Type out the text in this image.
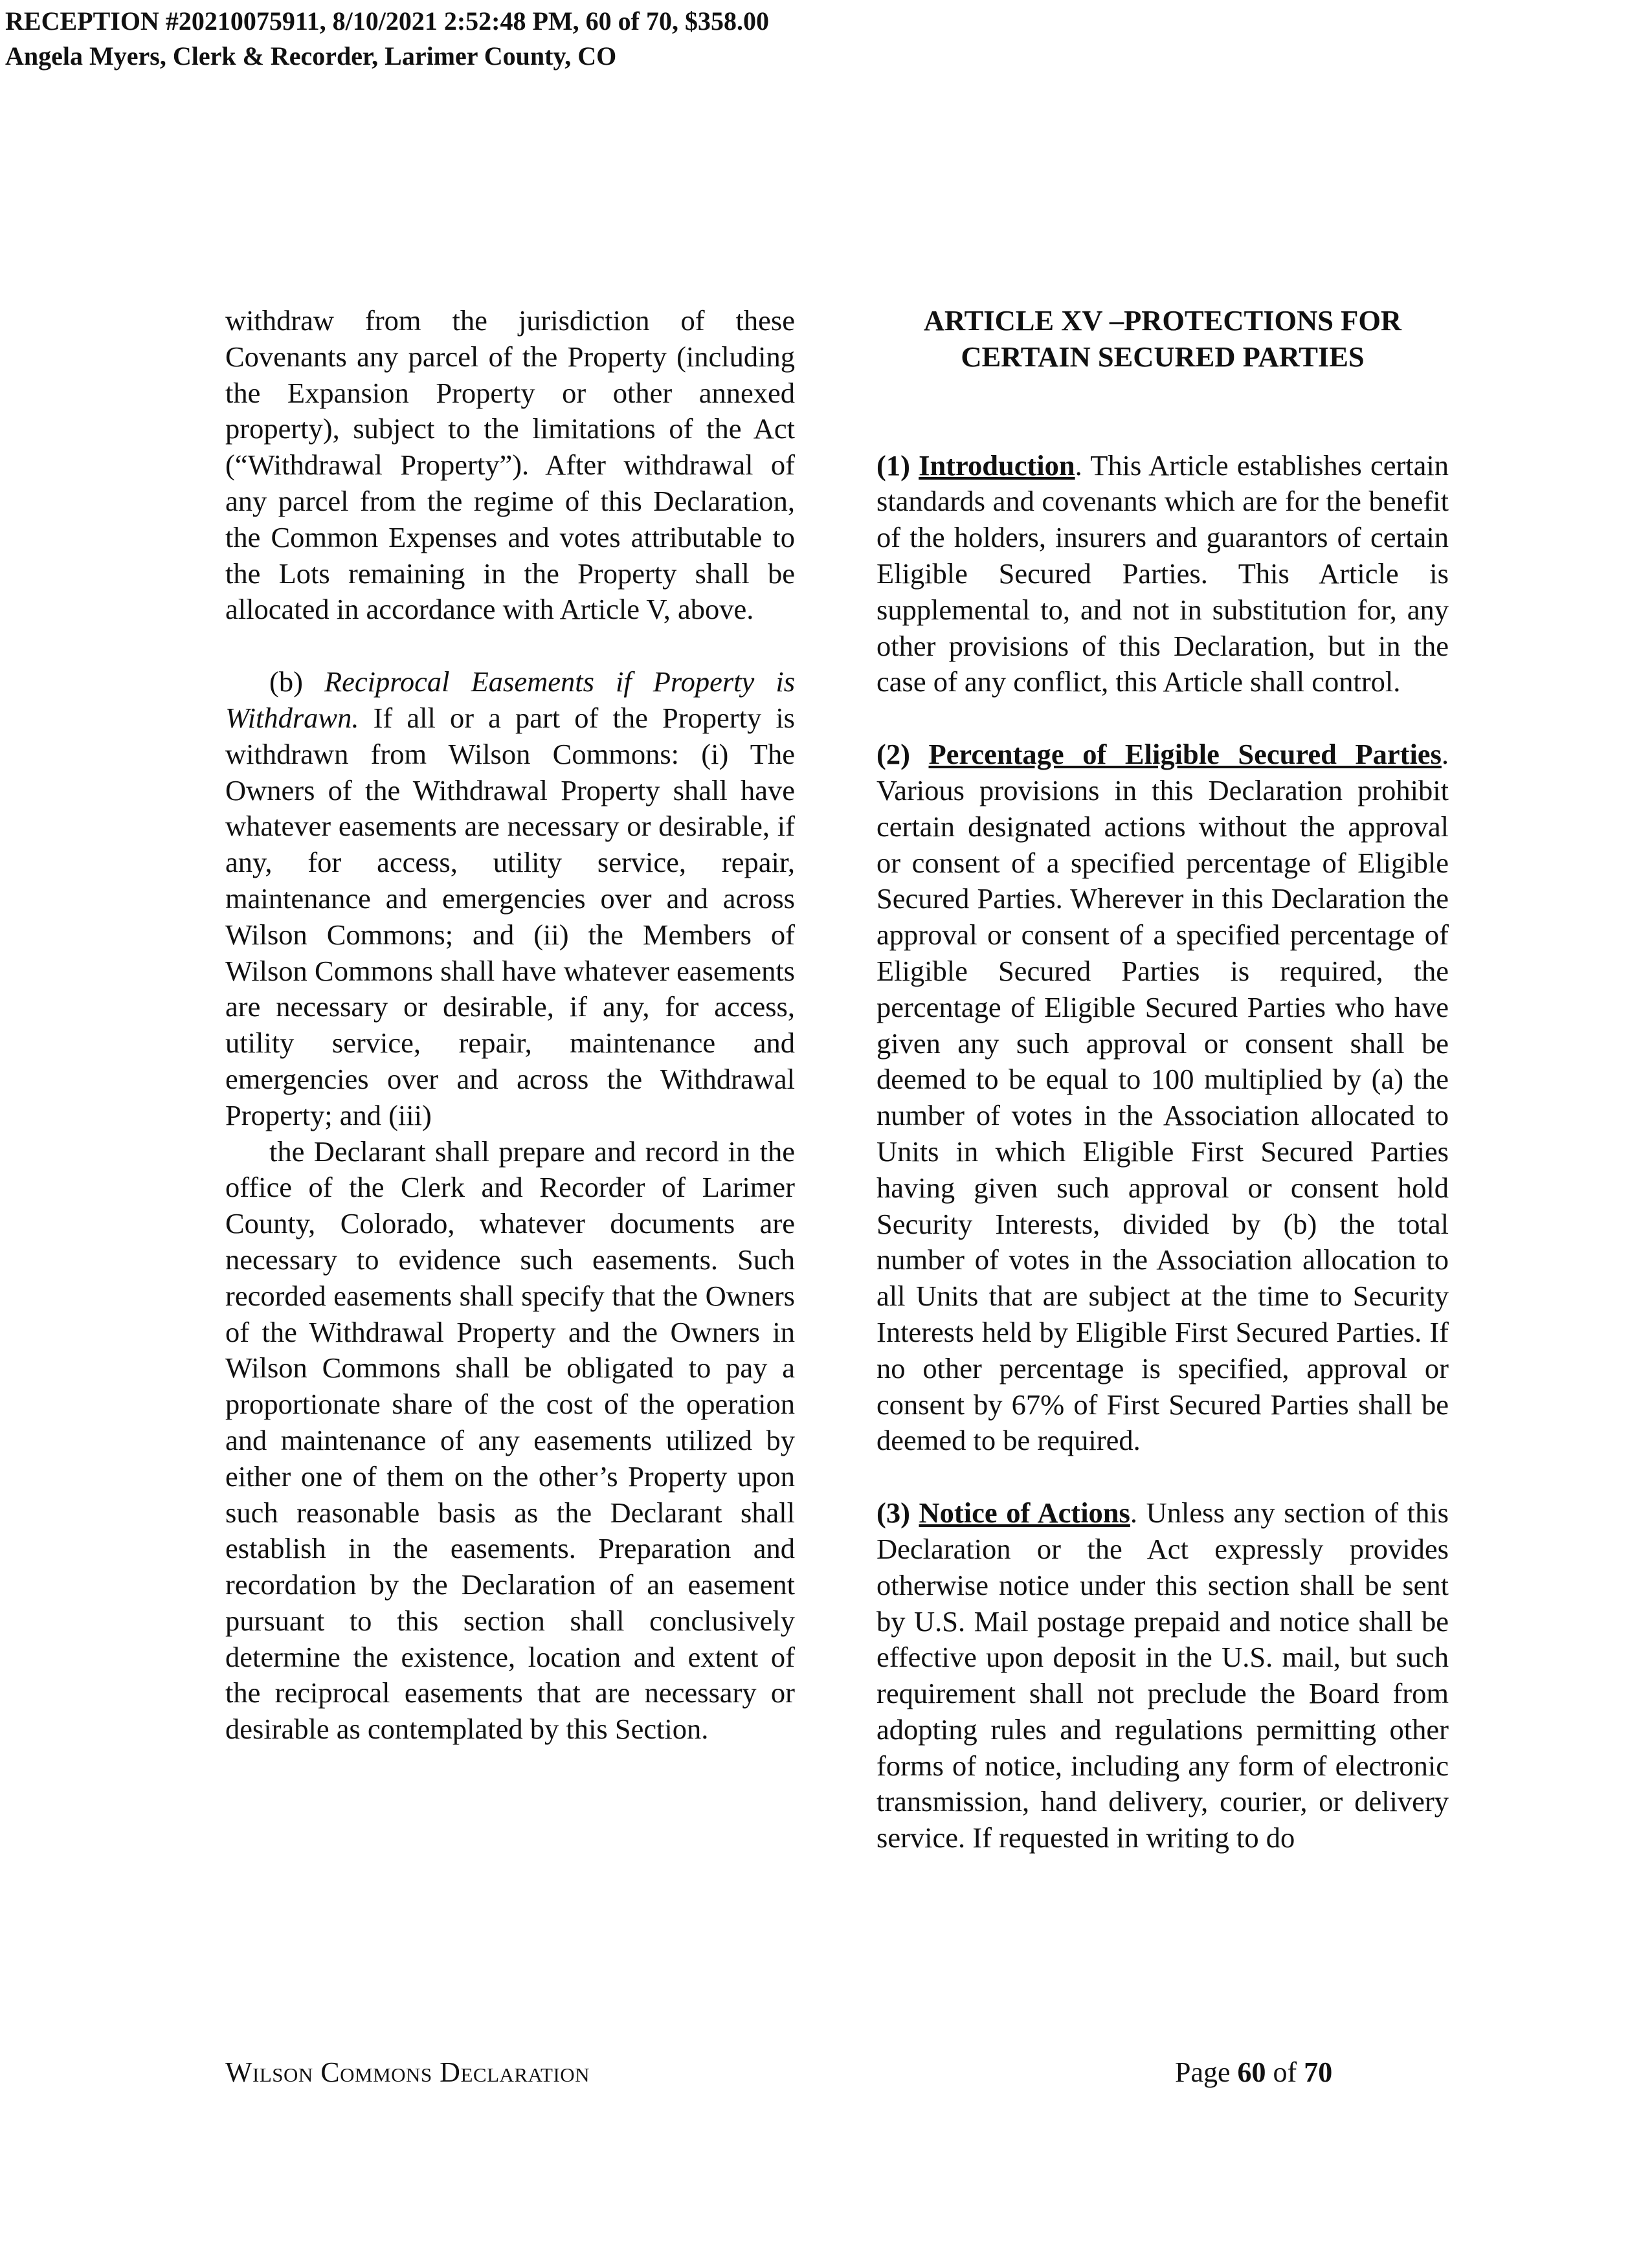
RECEPTION #20210075911, 8/10/2021 2:52:48 PM, 60 of 70, $358.00
Angela Myers, Clerk & Recorder, Larimer County, CO

withdraw from the jurisdiction of these Covenants any parcel of the Property (including the Expansion Property or other annexed property), subject to the limitations of the Act (“Withdrawal Property”). After withdrawal of any parcel from the regime of this Declaration, the Common Expenses and votes attributable to the Lots remaining in the Property shall be allocated in accordance with Article V, above.

(b) Reciprocal Easements if Property is Withdrawn. If all or a part of the Property is withdrawn from Wilson Commons: (i) The Owners of the Withdrawal Property shall have whatever easements are necessary or desirable, if any, for access, utility service, repair, maintenance and emergencies over and across Wilson Commons; and (ii) the Members of Wilson Commons shall have whatever easements are necessary or desirable, if any, for access, utility service, repair, maintenance and emergencies over and across the Withdrawal Property; and (iii)

the Declarant shall prepare and record in the office of the Clerk and Recorder of Larimer County, Colorado, whatever documents are necessary to evidence such easements. Such recorded easements shall specify that the Owners of the Withdrawal Property and the Owners in Wilson Commons shall be obligated to pay a proportionate share of the cost of the operation and maintenance of any easements utilized by either one of them on the other’s Property upon such reasonable basis as the Declarant shall establish in the easements. Preparation and recordation by the Declaration of an easement pursuant to this section shall conclusively determine the existence, location and extent of the reciprocal easements that are necessary or desirable as contemplated by this Section.

ARTICLE XV –PROTECTIONS FOR
CERTAIN SECURED PARTIES

(1) Introduction. This Article establishes certain standards and covenants which are for the benefit of the holders, insurers and guarantors of certain Eligible Secured Parties. This Article is supplemental to, and not in substitution for, any other provisions of this Declaration, but in the case of any conflict, this Article shall control.

(2) Percentage of Eligible Secured Parties. Various provisions in this Declaration prohibit certain designated actions without the approval or consent of a specified percentage of Eligible Secured Parties. Wherever in this Declaration the approval or consent of a specified percentage of Eligible Secured Parties is required, the percentage of Eligible Secured Parties who have given any such approval or consent shall be deemed to be equal to 100 multiplied by (a) the number of votes in the Association allocated to Units in which Eligible First Secured Parties having given such approval or consent hold Security Interests, divided by (b) the total number of votes in the Association allocation to all Units that are subject at the time to Security Interests held by Eligible First Secured Parties. If no other percentage is specified, approval or consent by 67% of First Secured Parties shall be deemed to be required.

(3) Notice of Actions. Unless any section of this Declaration or the Act expressly provides otherwise notice under this section shall be sent by U.S. Mail postage prepaid and notice shall be effective upon deposit in the U.S. mail, but such requirement shall not preclude the Board from adopting rules and regulations permitting other forms of notice, including any form of electronic transmission, hand delivery, courier, or delivery service. If requested in writing to do

Wilson Commons Declaration	Page 60 of 70
